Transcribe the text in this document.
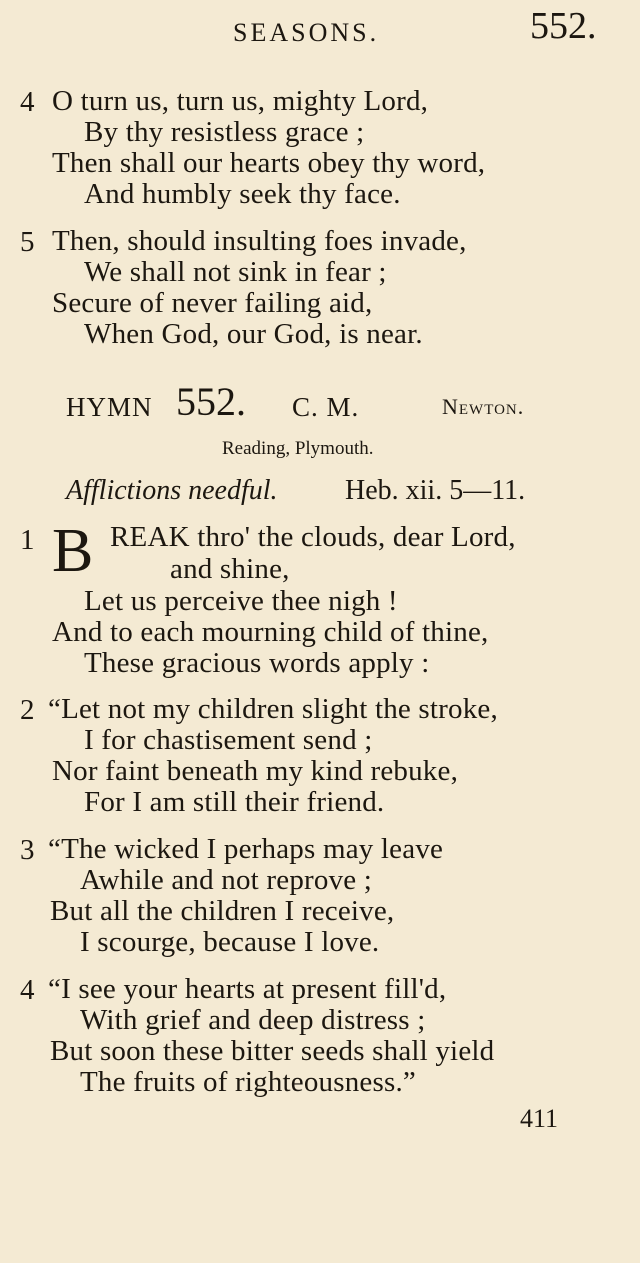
SEASONS.	552.
4 O turn us, turn us, mighty Lord,
By thy resistless grace ;
Then shall our hearts obey thy word,
And humbly seek thy face.
5 Then, should insulting foes invade,
We shall not sink in fear ;
Secure of never failing aid,
When God, our God, is near.
HYMN 552. C. M.	Newton.
Reading, Plymouth.
Afflictions needful. Heb. xii. 5—11.
1 B REAK thro' the clouds, dear Lord,
and shine,
Let us perceive thee nigh !
And to each mourning child of thine,
These gracious words apply :
2 “Let not my children slight the stroke,
I for chastisement send ;
Nor faint beneath my kind rebuke,
For I am still their friend.
3 “The wicked I perhaps may leave
Awhile and not reprove ;
But all the children I receive,
I scourge, because I love.
4 “I see your hearts at present fill'd,
With grief and deep distress ;
But soon these bitter seeds shall yield
The fruits of righteousness.”
411
